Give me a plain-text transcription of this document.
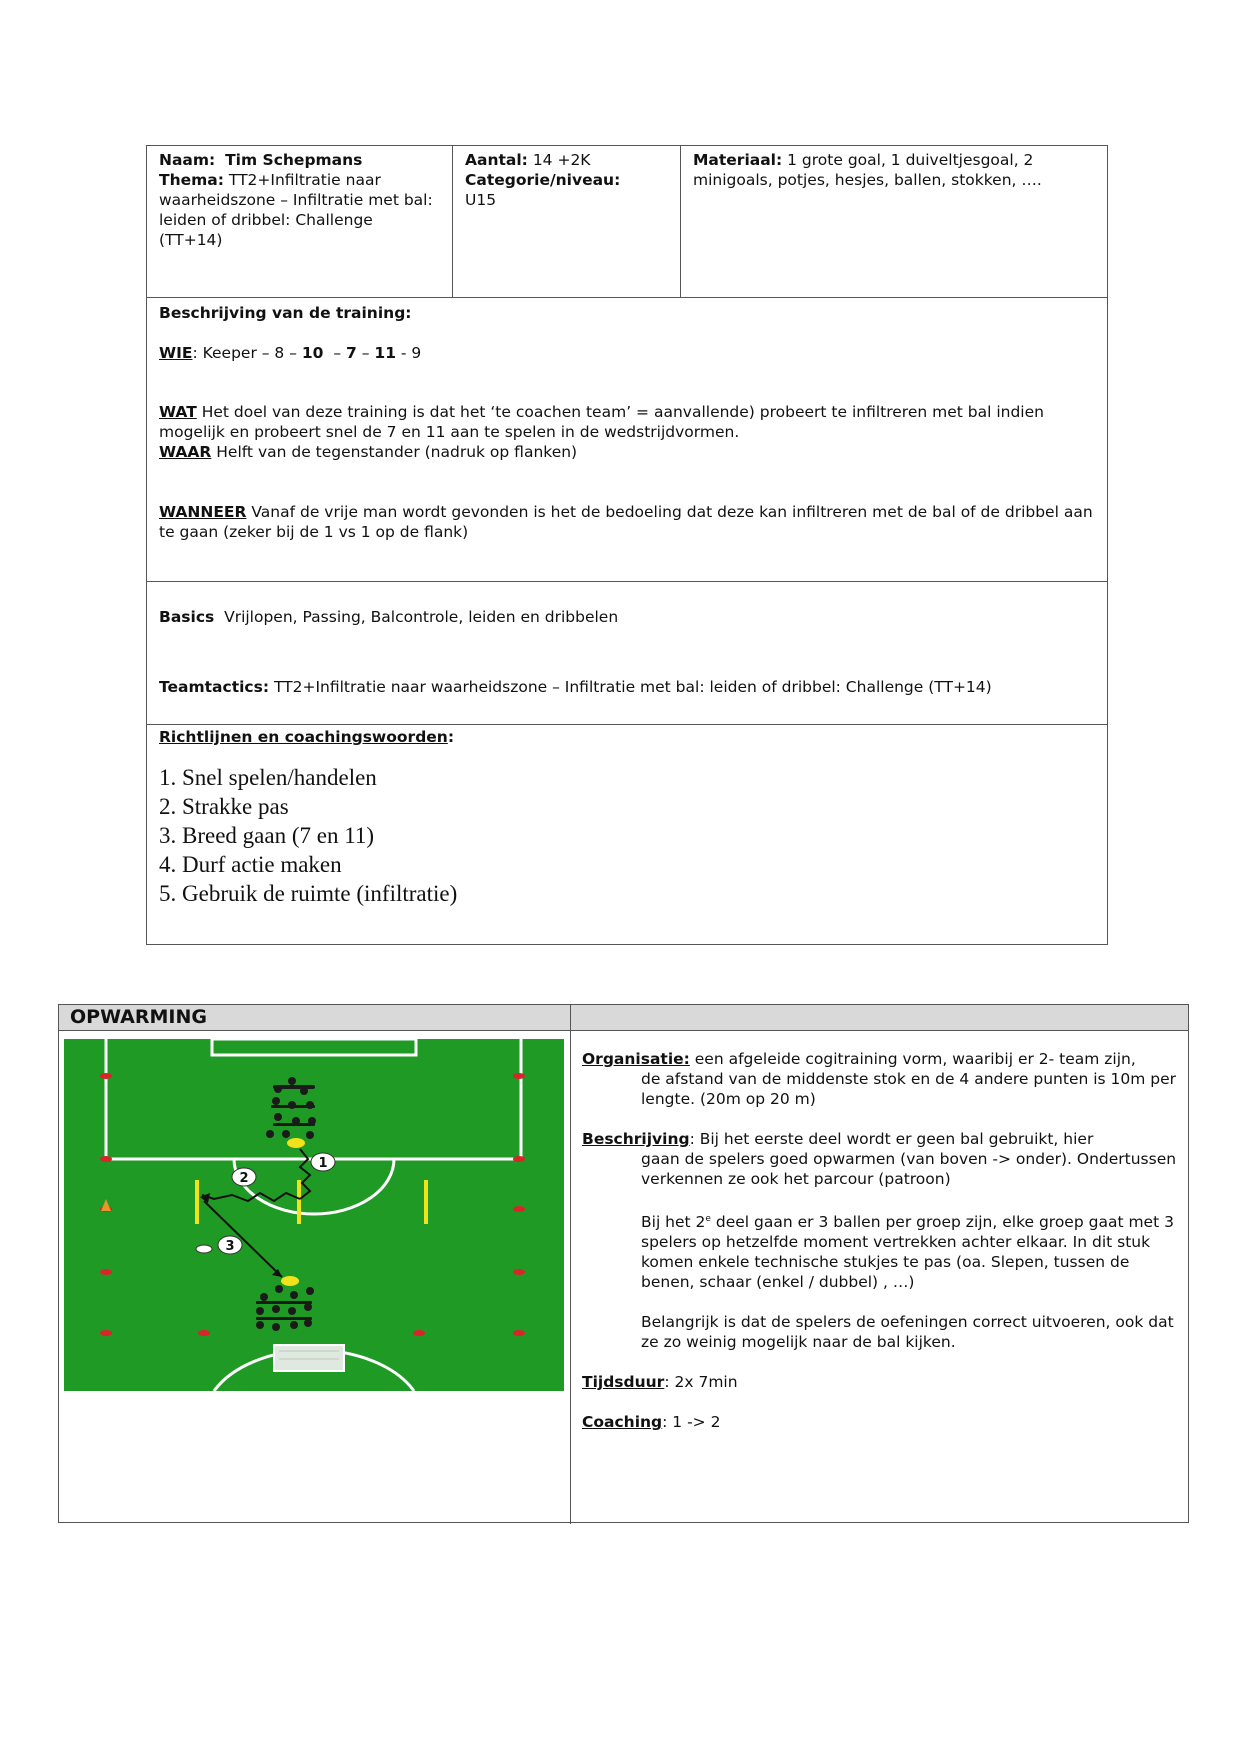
Naam: Tim Schepmans
Thema: TT2+Infiltratie naar waarheidszone – Infiltratie met bal: leiden of dribbel: Challenge (TT+14)
Aantal: 14 +2K
Categorie/niveau:
U15
Materiaal: 1 grote goal, 1 duiveltjesgoal, 2 minigoals, potjes, hesjes, ballen, stokken, ….
Beschrijving van de training:
WIE: Keeper – 8 – 10  – 7 – 11 - 9
WAT Het doel van deze training is dat het ‘te coachen team’ = aanvallende) probeert te infiltreren met bal indien mogelijk en probeert snel de 7 en 11 aan te spelen in de wedstrijdvormen.
WAAR Helft van de tegenstander (nadruk op flanken)
WANNEER Vanaf de vrije man wordt gevonden is het de bedoeling dat deze kan infiltreren met de bal of de dribbel aan te gaan (zeker bij de 1 vs 1 op de flank)
Basics  Vrijlopen, Passing, Balcontrole, leiden en dribbelen
Teamtactics: TT2+Infiltratie naar waarheidszone – Infiltratie met bal: leiden of dribbel: Challenge (TT+14)
Richtlijnen en coachingswoorden:
1. Snel spelen/handelen
2. Strakke pas
3. Breed gaan (7 en 11)
4. Durf actie maken
5. Gebruik de ruimte (infiltratie)
OPWARMING
1
2
3

Organisatie: een afgeleide cogitraining vorm, waaribij er 2- team zijn,

de afstand van de middenste stok en de 4 andere punten is 10m per lengte. (20m op 20 m)

Beschrijving: Bij het eerste deel wordt er geen bal gebruikt, hier

gaan de spelers goed opwarmen (van boven -> onder). Ondertussen verkennen ze ook het parcour (patroon)

Bij het 2e deel gaan er 3 ballen per groep zijn, elke groep gaat met 3 spelers op hetzelfde moment vertrekken achter elkaar. In dit stuk komen enkele technische stukjes te pas (oa. Slepen, tussen de benen, schaar (enkel / dubbel) , …)

Belangrijk is dat de spelers de oefeningen correct uitvoeren, ook dat ze zo weinig mogelijk naar de bal kijken.

Tijdsduur: 2x 7min

Coaching: 1 -> 2
